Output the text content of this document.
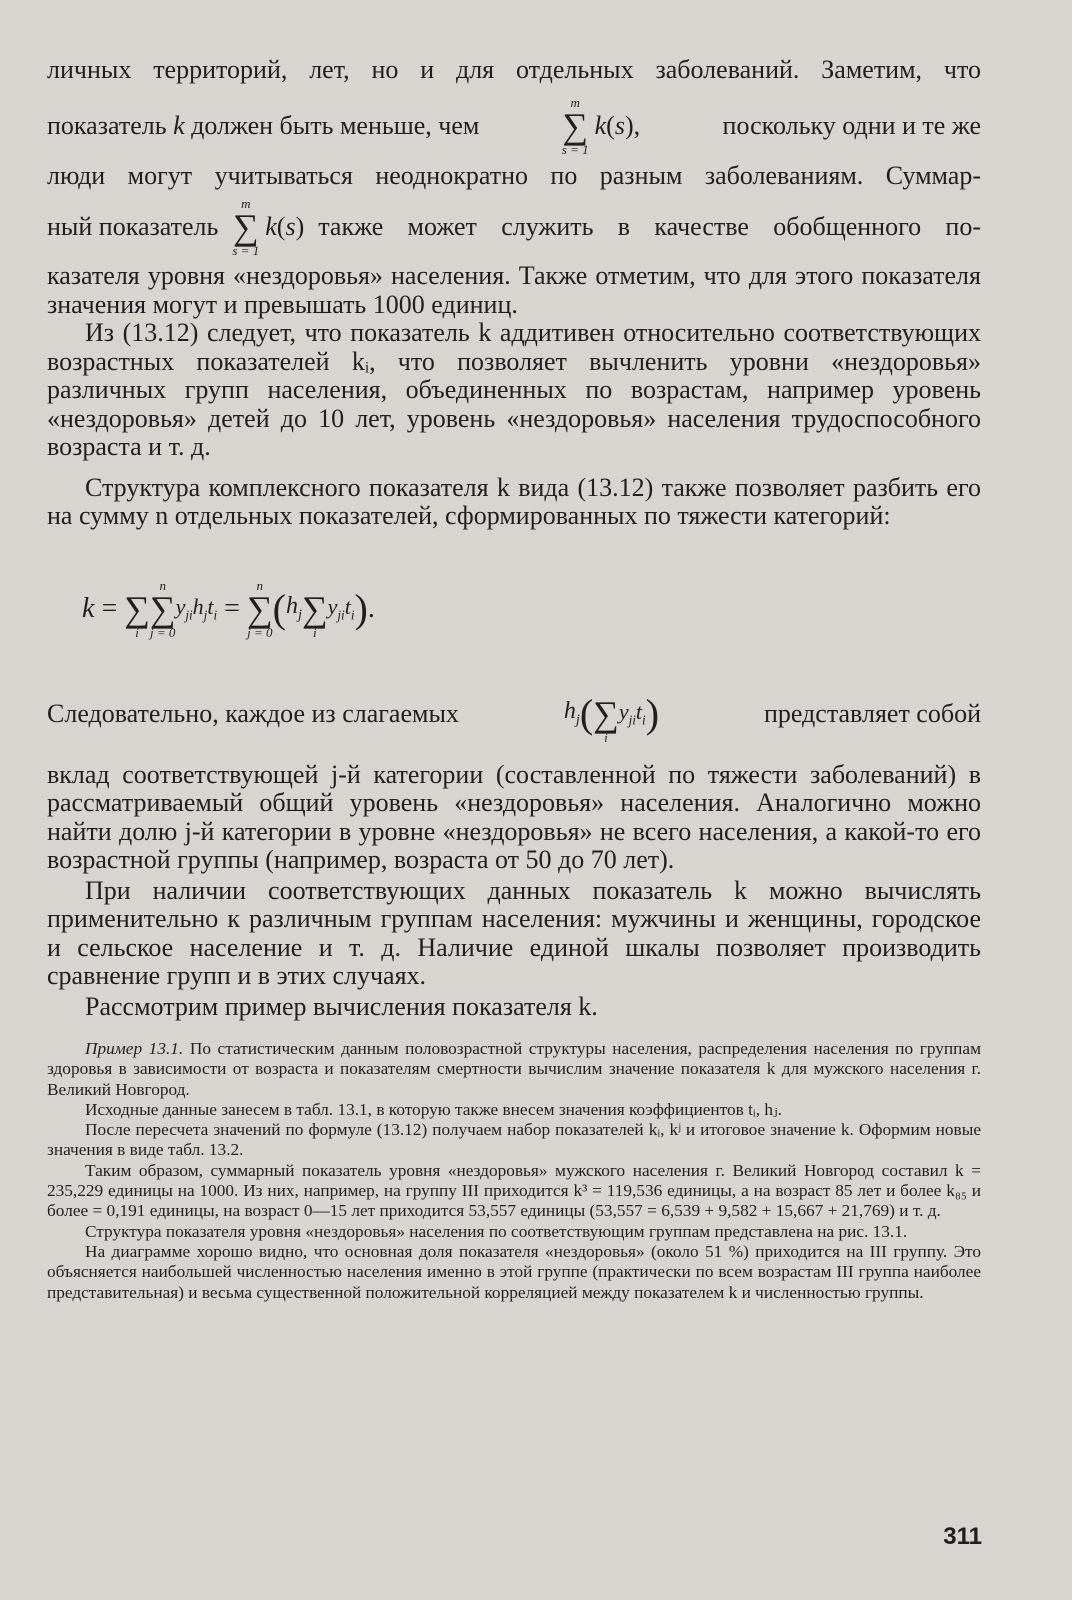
личных территорий, лет, но и для отдельных заболеваний. Заметим, что
показатель k должен быть меньше, чем
m
∑
s = 1
k(s),	поскольку одни и те же
люди могут учитываться неоднократно по разным заболеваниям. Суммар-
ный показатель
m
∑
s = 1
k(s) также может служить в качестве обобщенного по-

казателя уровня «нездоровья» населения. Также отметим, что для этого показателя значения могут и превышать 1000 единиц.

Из (13.12) следует, что показатель k аддитивен относительно соответствующих возрастных показателей kᵢ, что позволяет вычленить уровни «нездоровья» различных групп населения, объединенных по возрастам, например уровень «нездоровья» детей до 10 лет, уровень «нездоровья» населения трудоспособного возраста и т. д.

Структура комплексного показателя k вида (13.12) также позволяет разбить его на сумму n отдельных показателей, сформированных по тяжести категорий:

k =
∑
i
n
∑
j = 0
$y_{ji}h_jt_i$ =
n
∑
j = 0
( $h_j$
∑
i
$y_{ji}t_i$ ) .
Следовательно, каждое из слагаемых	$h_j$ (
∑
i
$y_{ji}t_i$ )	представляет собой

вклад соответствующей j-й категории (составленной по тяжести заболеваний) в рассматриваемый общий уровень «нездоровья» населения. Аналогично можно найти долю j-й категории в уровне «нездоровья» не всего населения, а какой-то его возрастной группы (например, возраста от 50 до 70 лет).

При наличии соответствующих данных показатель k можно вычислять применительно к различным группам населения: мужчины и женщины, городское и сельское население и т. д. Наличие единой шкалы позволяет производить сравнение групп и в этих случаях.

Рассмотрим пример вычисления показателя k.

Пример 13.1. По статистическим данным половозрастной структуры населения, распределения населения по группам здоровья в зависимости от возраста и показателям смертности вычислим значение показателя k для мужского населения г. Великий Новгород.

Исходные данные занесем в табл. 13.1, в которую также внесем значения коэффициентов tᵢ, hⱼ.

После пересчета значений по формуле (13.12) получаем набор показателей kᵢ, kʲ и итоговое значение k. Оформим новые значения в виде табл. 13.2.

Таким образом, суммарный показатель уровня «нездоровья» мужского населения г. Великий Новгород составил k = 235,229 единицы на 1000. Из них, например, на группу III приходится k³ = 119,536 единицы, а на возраст 85 лет и более k₈₅ и более = 0,191 единицы, на возраст 0—15 лет приходится 53,557 единицы (53,557 = 6,539 + 9,582 + 15,667 + 21,769) и т. д.

Структура показателя уровня «нездоровья» населения по соответствующим группам представлена на рис. 13.1.

На диаграмме хорошо видно, что основная доля показателя «нездоровья» (около 51 %) приходится на III группу. Это объясняется наибольшей численностью населения именно в этой группе (практически по всем возрастам III группа наиболее представительная) и весьма существенной положительной корреляцией между показателем k и численностью группы.

311
